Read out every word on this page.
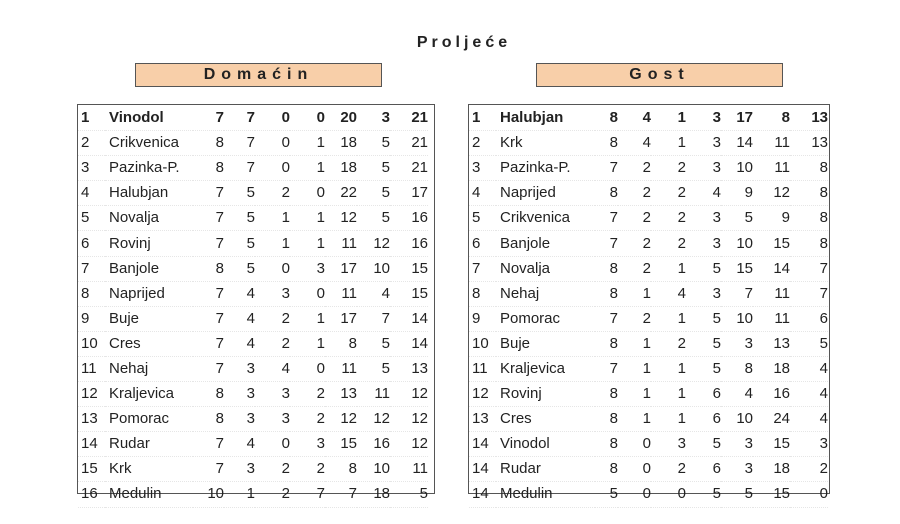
Proljeće
Domaćin	Gost
1	Vinodol	7	7	0	0	20	3	21
2	Crikvenica	8	7	0	1	18	5	21
3	Pazinka-P.	8	7	0	1	18	5	21
4	Halubjan	7	5	2	0	22	5	17
5	Novalja	7	5	1	1	12	5	16
6	Rovinj	7	5	1	1	11	12	16
7	Banjole	8	5	0	3	17	10	15
8	Naprijed	7	4	3	0	11	4	15
9	Buje	7	4	2	1	17	7	14
10	Cres	7	4	2	1	8	5	14
11	Nehaj	7	3	4	0	11	5	13
12	Kraljevica	8	3	3	2	13	11	12
13	Pomorac	8	3	3	2	12	12	12
14	Rudar	7	4	0	3	15	16	12
15	Krk	7	3	2	2	8	10	11
16	Medulin	10	1	2	7	7	18	5
1	Halubjan	8	4	1	3	17	8	13
2	Krk	8	4	1	3	14	11	13
3	Pazinka-P.	7	2	2	3	10	11	8
4	Naprijed	8	2	2	4	9	12	8
5	Crikvenica	7	2	2	3	5	9	8
6	Banjole	7	2	2	3	10	15	8
7	Novalja	8	2	1	5	15	14	7
8	Nehaj	8	1	4	3	7	11	7
9	Pomorac	7	2	1	5	10	11	6
10	Buje	8	1	2	5	3	13	5
11	Kraljevica	7	1	1	5	8	18	4
12	Rovinj	8	1	1	6	4	16	4
13	Cres	8	1	1	6	10	24	4
14	Vinodol	8	0	3	5	3	15	3
14	Rudar	8	0	2	6	3	18	2
14	Medulin	5	0	0	5	5	15	0
